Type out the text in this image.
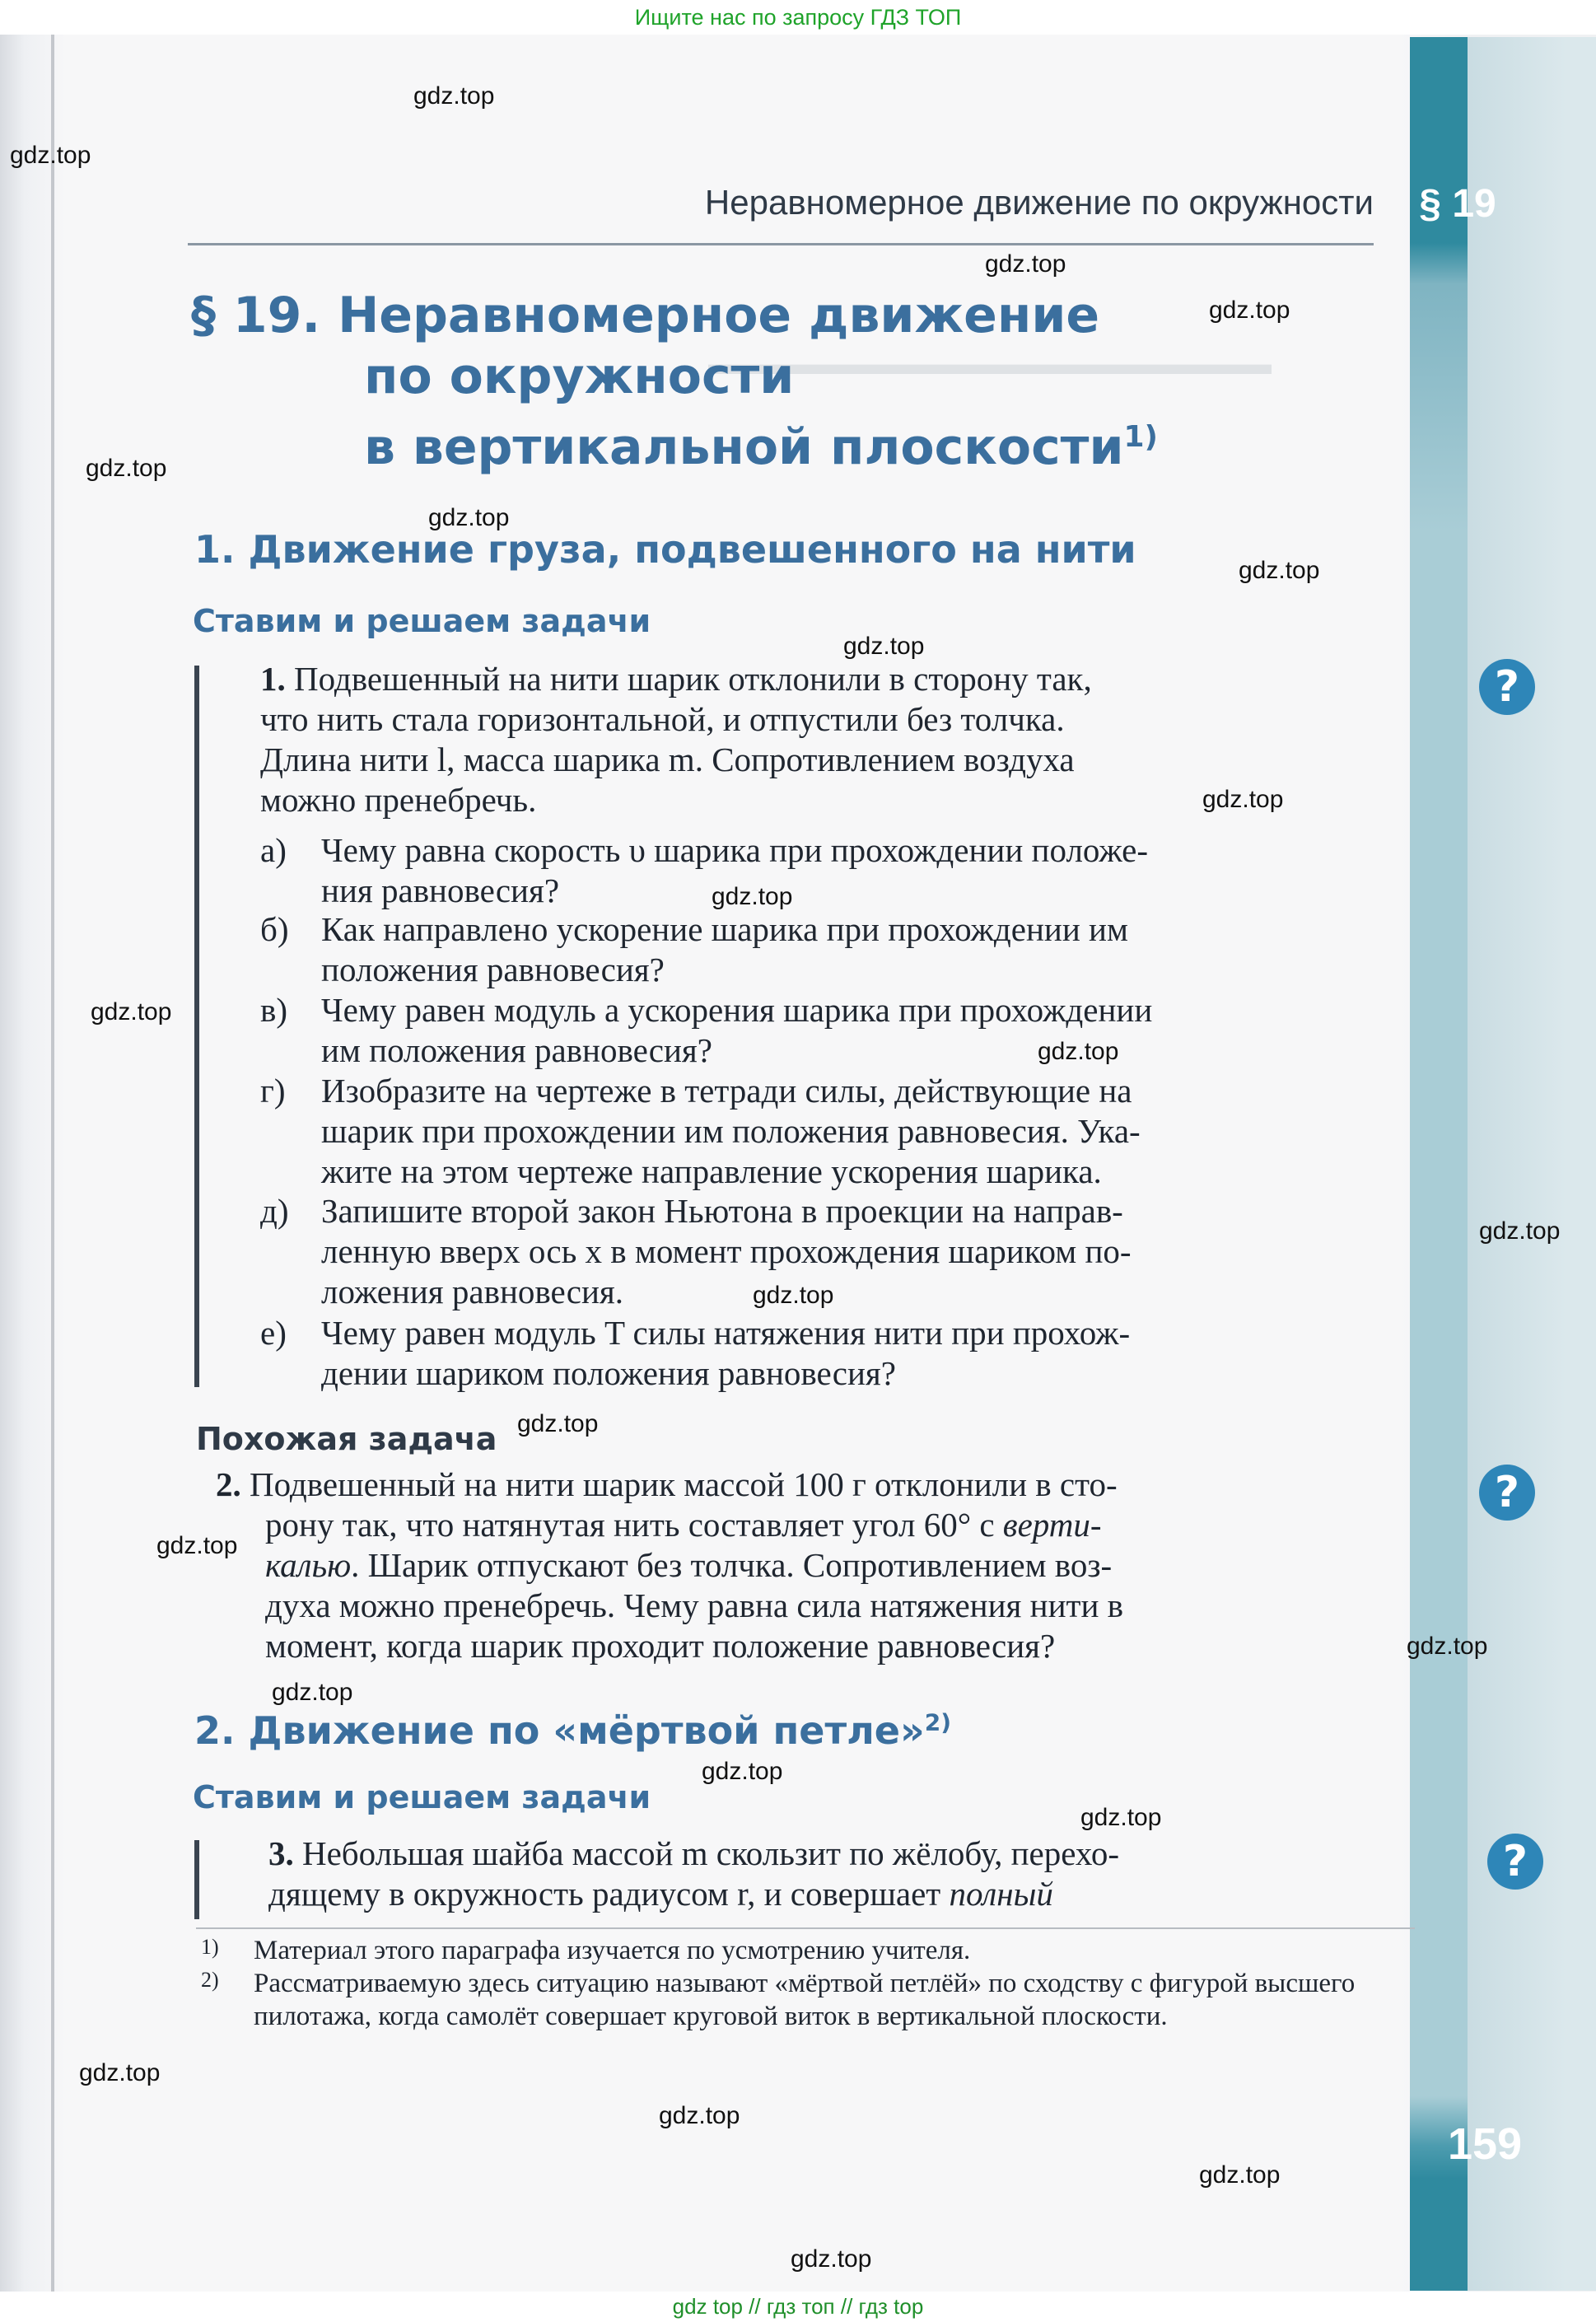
Ищите нас по запросу ГДЗ ТОП
▬▬▬▬▬▬▬▬▬▬▬▬▬▬▬▬▬▬
Неравномерное движение по окружности § 19
§ 19. Неравномерное движение
по окружности
в вертикальной плоскости$^{1)}$
1. Движение груза, подвешенного на нити
Ставим и решаем задачи
1. Подвешенный на нити шарик отклонили в сторону так,
что нить стала горизонтальной, и отпустили без толчка.
Длина нити l, масса шарика m. Сопротивлением воздуха
можно пренебречь.
а) Чему равна скорость υ шарика при прохождении положе-
ния равновесия?
б) Как направлено ускорение шарика при прохождении им
положения равновесия?
в) Чему равен модуль a ускорения шарика при прохождении
им положения равновесия?
г) Изобразите на чертеже в тетради силы, действующие на
шарик при прохождении им положения равновесия. Ука-
жите на этом чертеже направление ускорения шарика.
д) Запишите второй закон Ньютона в проекции на направ-
ленную вверх ось x в момент прохождения шариком по-
ложения равновесия.
е) Чему равен модуль T силы натяжения нити при прохож-
дении шариком положения равновесия?
?
Похожая задача
2. Подвешенный на нити шарик массой 100 г отклонили в сто-
рону так, что натянутая нить составляет угол 60° с верти-
калью. Шарик отпускают без толчка. Сопротивлением воз-
духа можно пренебречь. Чему равна сила натяжения нити в
момент, когда шарик проходит положение равновесия?
?
2. Движение по «мёртвой петле»$^{2)}$
Ставим и решаем задачи
3. Небольшая шайба массой m скользит по жёлобу, перехо-
дящему в окружность радиусом r, и совершает полный
?
1) Материал этого параграфа изучается по усмотрению учителя.
2) Рассматриваемую здесь ситуацию называют «мёртвой петлёй» по сходству с фигурой высшего пилотажа, когда самолёт совершает круговой виток в вертикальной плоскости.
159
gdz.top
gdz.top
gdz.top
gdz.top
gdz.top
gdz.top
gdz.top
gdz.top
gdz.top
gdz.top
gdz.top
gdz.top
gdz.top
gdz.top
gdz.top
gdz.top
gdz.top
gdz.top
gdz.top
gdz.top
gdz.top
gdz.top
gdz.top
gdz.top
gdz top // гдз топ // гдз top
